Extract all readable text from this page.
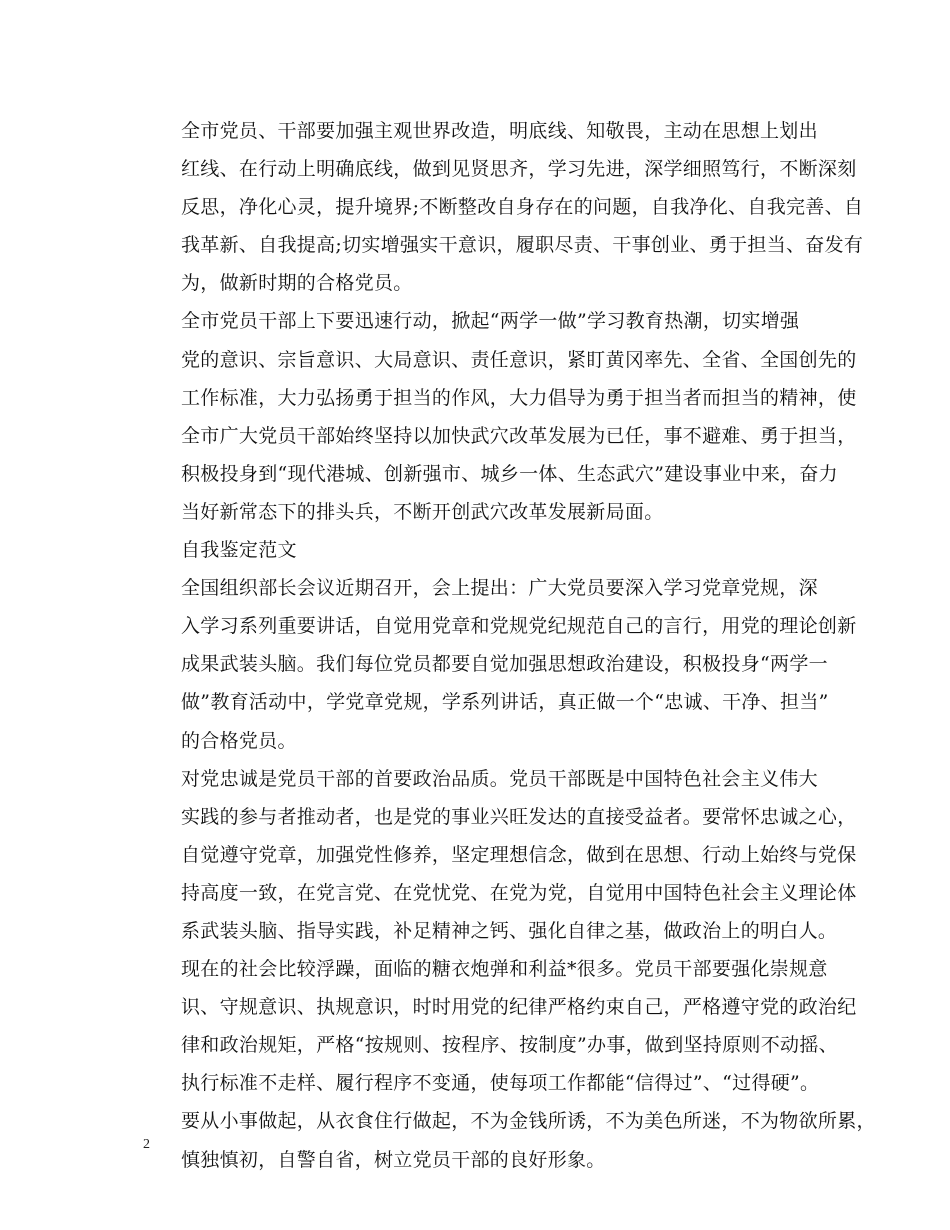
全市党员、干部要加强主观世界改造，明底线、知敬畏，主动在思想上划出
红线、在行动上明确底线，做到见贤思齐，学习先进，深学细照笃行，不断深刻
反思，净化心灵，提升境界;不断整改自身存在的问题，自我净化、自我完善、自
我革新、自我提高;切实增强实干意识，履职尽责、干事创业、勇于担当、奋发有
为，做新时期的合格党员。

全市党员干部上下要迅速行动，掀起“两学一做”学习教育热潮，切实增强
党的意识、宗旨意识、大局意识、责任意识，紧盯黄冈率先、全省、全国创先的
工作标准，大力弘扬勇于担当的作风，大力倡导为勇于担当者而担当的精神，使
全市广大党员干部始终坚持以加快武穴改革发展为已任，事不避难、勇于担当，
积极投身到“现代港城、创新强市、城乡一体、生态武穴”建设事业中来，奋力
当好新常态下的排头兵，不断开创武穴改革发展新局面。

自我鉴定范文

全国组织部长会议近期召开，会上提出：广大党员要深入学习党章党规，深
入学习系列重要讲话，自觉用党章和党规党纪规范自己的言行，用党的理论创新
成果武装头脑。我们每位党员都要自觉加强思想政治建设，积极投身“两学一
做”教育活动中，学党章党规，学系列讲话，真正做一个“忠诚、干净、担当”
的合格党员。

对党忠诚是党员干部的首要政治品质。党员干部既是中国特色社会主义伟大
实践的参与者推动者，也是党的事业兴旺发达的直接受益者。要常怀忠诚之心，
自觉遵守党章，加强党性修养，坚定理想信念，做到在思想、行动上始终与党保
持高度一致，在党言党、在党忧党、在党为党，自觉用中国特色社会主义理论体
系武装头脑、指导实践，补足精神之钙、强化自律之基，做政治上的明白人。

现在的社会比较浮躁，面临的糖衣炮弹和利益*很多。党员干部要强化崇规意
识、守规意识、执规意识，时时用党的纪律严格约束自己，严格遵守党的政治纪
律和政治规矩，严格“按规则、按程序、按制度”办事，做到坚持原则不动摇、
执行标准不走样、履行程序不变通，使每项工作都能“信得过”、“过得硬”。
要从小事做起，从衣食住行做起，不为金钱所诱，不为美色所迷，不为物欲所累，
慎独慎初，自警自省，树立党员干部的良好形象。

2
